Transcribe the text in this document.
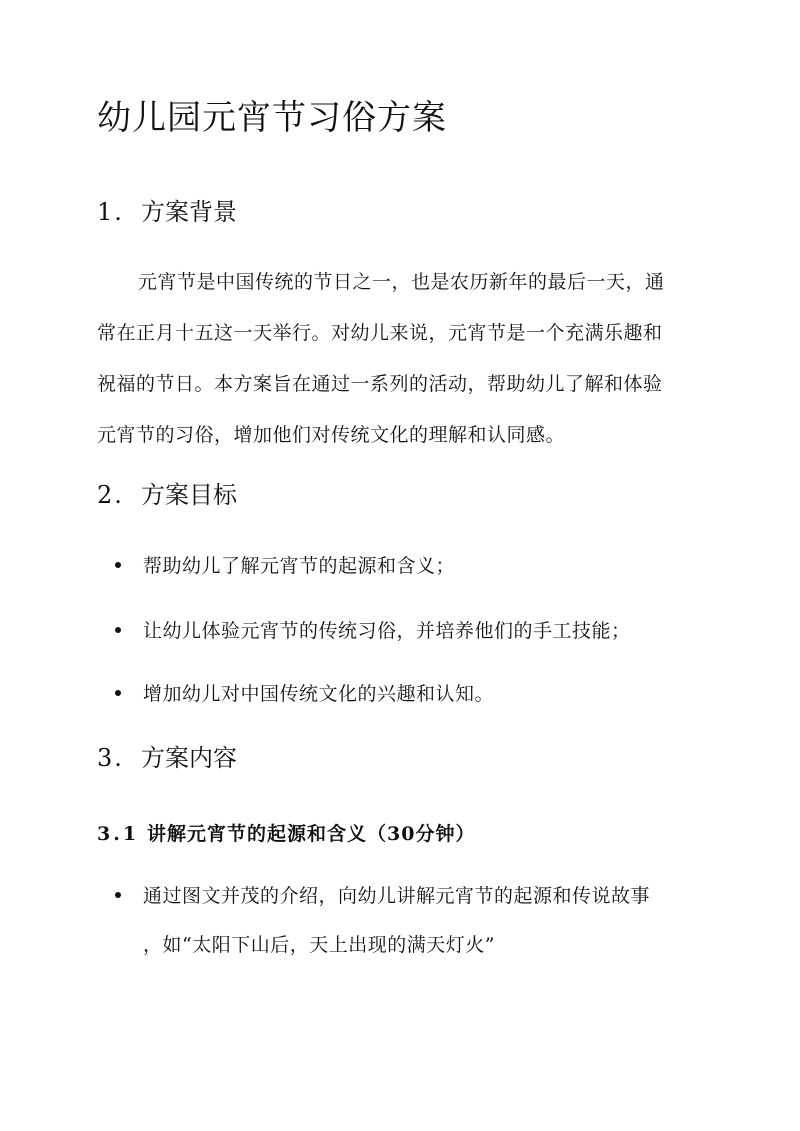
幼儿园元宵节习俗方案
1. 方案背景
元宵节是中国传统的节日之一，也是农历新年的最后一天，通
常在正月十五这一天举行。对幼儿来说，元宵节是一个充满乐趣和
祝福的节日。本方案旨在通过一系列的活动，帮助幼儿了解和体验
元宵节的习俗，增加他们对传统文化的理解和认同感。
2. 方案目标
帮助幼儿了解元宵节的起源和含义；
让幼儿体验元宵节的传统习俗，并培养他们的手工技能；
增加幼儿对中国传统文化的兴趣和认知。
3. 方案内容
3.1 讲解元宵节的起源和含义（30分钟）
通过图文并茂的介绍，向幼儿讲解元宵节的起源和传说故事
，如“太阳下山后，天上出现的满天灯火”
